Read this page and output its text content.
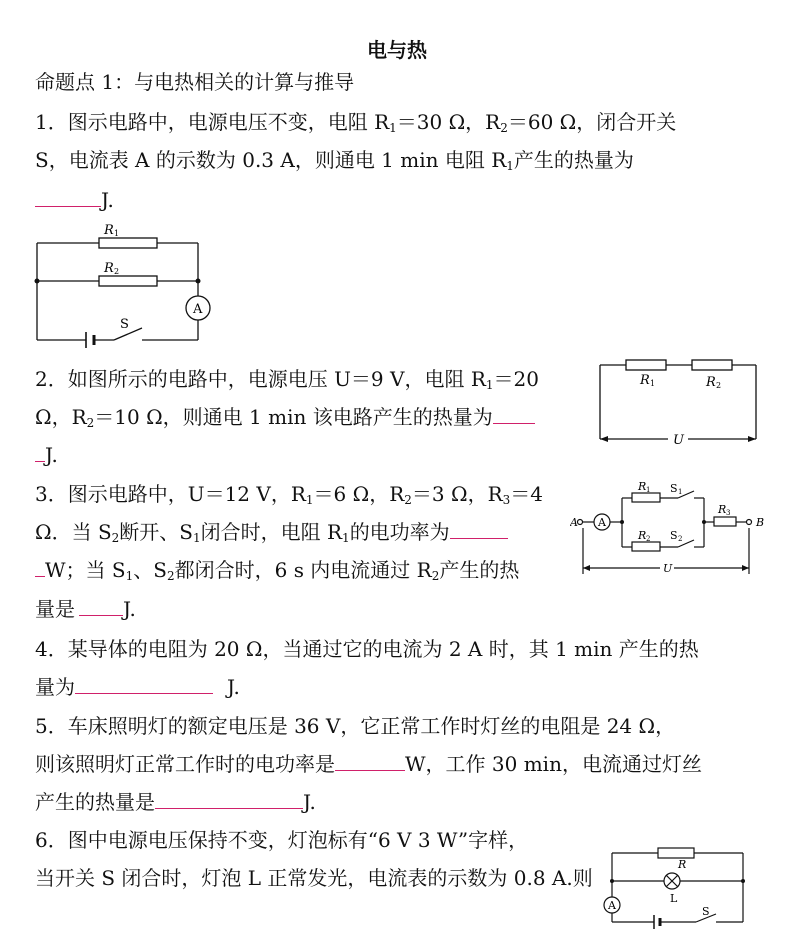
电与热
命题点 1：与电热相关的计算与推导
1．图示电路中，电源电压不变，电阻 $R_1=30$ Ω，$R_2=60$ Ω，闭合开关
S，电流表 A 的示数为 0.3 A，则通电 1 min 电阻 $R_1$产生的热量为
J.
R 1
R 2
A
S
2．如图所示的电路中，电源电压 U＝9 V，电阻 $R_1=20$
Ω，$R_2=10$ Ω，则通电 1 min 该电路产生的热量为
J.
R 1	R 2
U
3．图示电路中，U＝12 V，$R_1=6$ Ω，$R_2=3$ Ω，$R_3=4$
Ω．当 $S_2$断开、$S_1$闭合时，电阻 $R_1$的电功率为
W；当 $S_1$、$S_2$都闭合时，6 s 内电流通过 $R_2$产生的热
量是 J.
A	B
A
R 1 S 1
R 2 S 2
R 3
U
4．某导体的电阻为 20 Ω，当通过它的电流为 2 A 时，其 1 min 产生的热
量为	J.
5．车床照明灯的额定电压是 36 V，它正常工作时灯丝的电阻是 24 Ω，
则该照明灯正常工作时的电功率是	W，工作 30 min，电流通过灯丝
产生的热量是	J.
6．图中电源电压保持不变，灯泡标有“6 V 3 W”字样，
当开关 S 闭合时，灯泡 L 正常发光，电流表的示数为 0.8 A.则
R
L
A	S
